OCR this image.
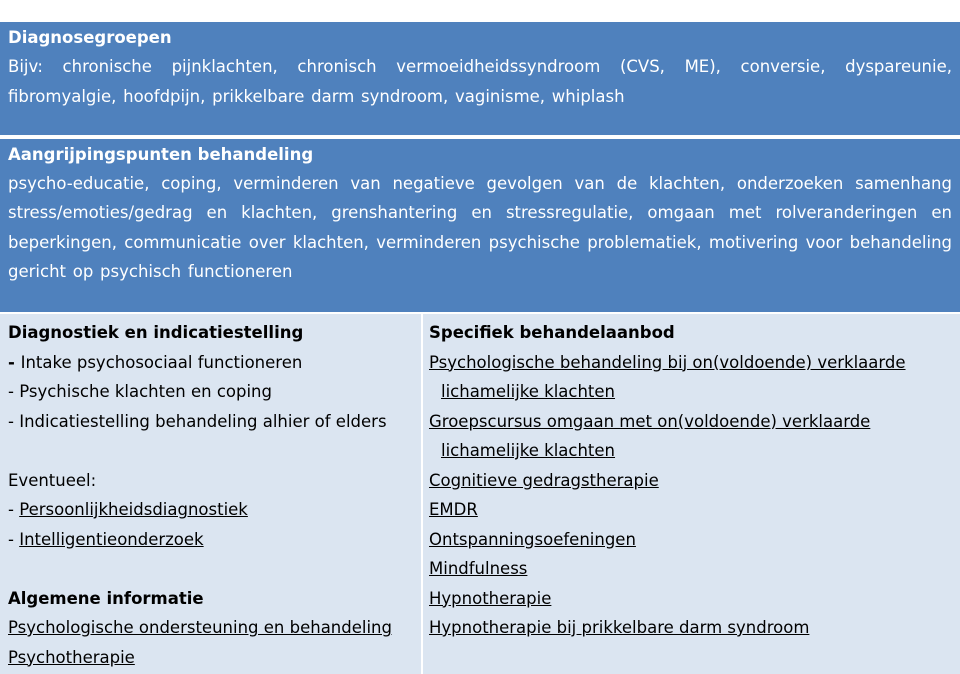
Diagnosegroepen
Bijv: chronische pijnklachten, chronisch vermoeidheidssyndroom (CVS, ME), conversie, dyspareunie, fibromyalgie, hoofdpijn, prikkelbare darm syndroom, vaginisme, whiplash
Aangrijpingspunten behandeling
psycho-educatie, coping, verminderen van negatieve gevolgen van de klachten, onderzoeken samenhang stress/emoties/gedrag en klachten, grenshantering en stressregulatie, omgaan met rolveranderingen en beperkingen, communicatie over klachten, verminderen psychische problematiek, motivering voor behandeling gericht op psychisch functioneren
Diagnostiek en indicatiestelling
- Intake psychosociaal functioneren
- Psychische klachten en coping
- Indicatiestelling behandeling alhier of elders
Eventueel:
- Persoonlijkheidsdiagnostiek
- Intelligentieonderzoek
Algemene informatie
Psychologische ondersteuning en behandeling
Psychotherapie
Specifiek behandelaanbod
Psychologische behandeling bij on(voldoende) verklaarde
lichamelijke klachten
Groepscursus omgaan met on(voldoende) verklaarde
lichamelijke klachten
Cognitieve gedragstherapie
EMDR
Ontspanningsoefeningen
Mindfulness
Hypnotherapie
Hypnotherapie bij prikkelbare darm syndroom
